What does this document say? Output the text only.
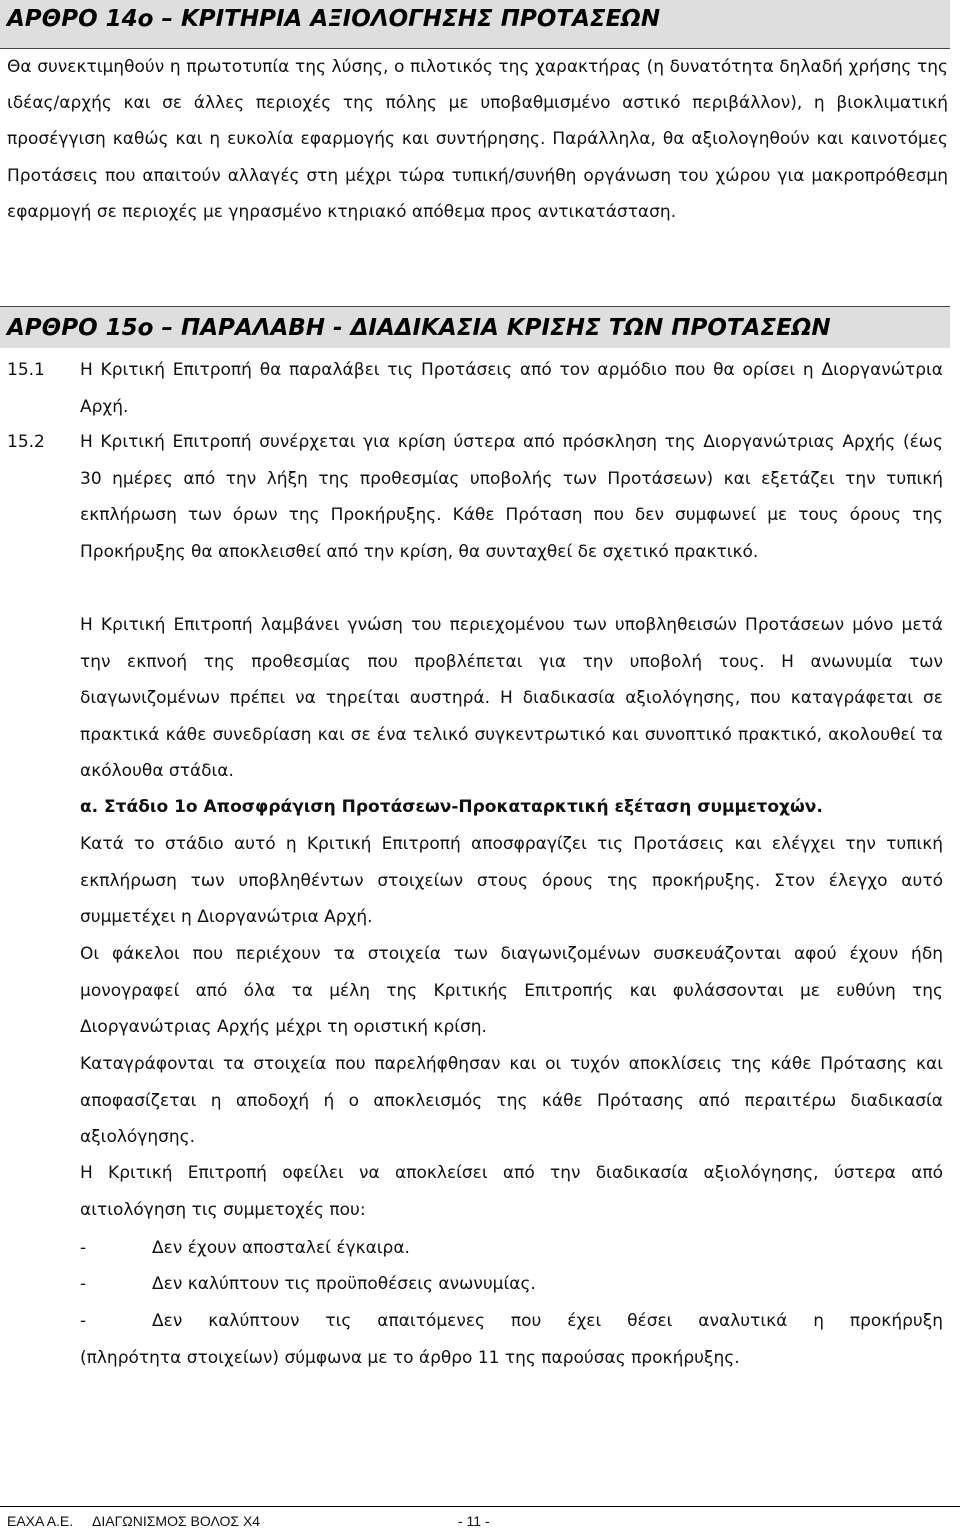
ΑΡΘΡΟ 14ο – ΚΡΙΤΗΡΙΑ ΑΞΙΟΛΟΓΗΣΗΣ ΠΡΟΤΑΣΕΩΝ

Θα συνεκτιμηθούν η πρωτοτυπία της λύσης, ο πιλοτικός της χαρακτήρας (η δυνατότητα δηλαδή χρήσης της ιδέας/αρχής και σε άλλες περιοχές της πόλης με υποβαθμισμένο αστικό περιβάλλον), η βιοκλιματική προσέγγιση καθώς και η ευκολία εφαρμογής και συντήρησης. Παράλληλα, θα αξιολογηθούν και καινοτόμες Προτάσεις που απαιτούν αλλαγές στη μέχρι τώρα τυπική/συνήθη οργάνωση του χώρου για μακροπρόθεσμη εφαρμογή σε περιοχές με γηρασμένο κτηριακό απόθεμα προς αντικατάσταση.

ΑΡΘΡΟ 15ο – ΠΑΡΑΛΑΒΗ - ΔΙΑΔΙΚΑΣΙΑ ΚΡΙΣΗΣ ΤΩΝ ΠΡΟΤΑΣΕΩΝ
15.1 Η Κριτική Επιτροπή θα παραλάβει τις Προτάσεις από τον αρμόδιο που θα ορίσει η Διοργανώτρια Αρχή.

15.2 Η Κριτική Επιτροπή συνέρχεται για κρίση ύστερα από πρόσκληση της Διοργανώτριας Αρχής (έως 30 ημέρες από την λήξη της προθεσμίας υποβολής των Προτάσεων) και εξετάζει την τυπική εκπλήρωση των όρων της Προκήρυξης. Κάθε Πρόταση που δεν συμφωνεί με τους όρους της Προκήρυξης θα αποκλεισθεί από την κρίση, θα συνταχθεί δε σχετικό πρακτικό.

Η Κριτική Επιτροπή λαμβάνει γνώση του περιεχομένου των υποβληθεισών Προτάσεων μόνο μετά την εκπνοή της προθεσμίας που προβλέπεται για την υποβολή τους. Η ανωνυμία των διαγωνιζομένων πρέπει να τηρείται αυστηρά. Η διαδικασία αξιολόγησης, που καταγράφεται σε πρακτικά κάθε συνεδρίαση και σε ένα τελικό συγκεντρωτικό και συνοπτικό πρακτικό, ακολουθεί τα ακόλουθα στάδια.

α. Στάδιο 1ο Αποσφράγιση Προτάσεων-Προκαταρκτική εξέταση συμμετοχών.

Κατά το στάδιο αυτό η Κριτική Επιτροπή αποσφραγίζει τις Προτάσεις και ελέγχει την τυπική εκπλήρωση των υποβληθέντων στοιχείων στους όρους της προκήρυξης. Στον έλεγχο αυτό συμμετέχει η Διοργανώτρια Αρχή.

Οι φάκελοι που περιέχουν τα στοιχεία των διαγωνιζομένων συσκευάζονται αφού έχουν ήδη μονογραφεί από όλα τα μέλη της Κριτικής Επιτροπής και φυλάσσονται με ευθύνη της Διοργανώτριας Αρχής μέχρι τη οριστική κρίση.

Καταγράφονται τα στοιχεία που παρελήφθησαν και οι τυχόν αποκλίσεις της κάθε Πρότασης και αποφασίζεται η αποδοχή ή ο αποκλεισμός της κάθε Πρότασης από περαιτέρω διαδικασία αξιολόγησης.

Η Κριτική Επιτροπή οφείλει να αποκλείσει από την διαδικασία αξιολόγησης, ύστερα από αιτιολόγηση τις συμμετοχές που:

-	Δεν έχουν αποσταλεί έγκαιρα.
-	Δεν καλύπτουν τις προϋποθέσεις ανωνυμίας.
-	Δεν καλύπτουν τις απαιτόμενες που έχει θέσει αναλυτικά η προκήρυξη

(πληρότητα στοιχείων) σύμφωνα με το άρθρο 11 της παρούσας προκήρυξης.

ΕΑΧΑ Α.Ε. ΔΙΑΓΩΝΙΣΜΟΣ ΒΟΛΟΣ Χ4	- 11 -
